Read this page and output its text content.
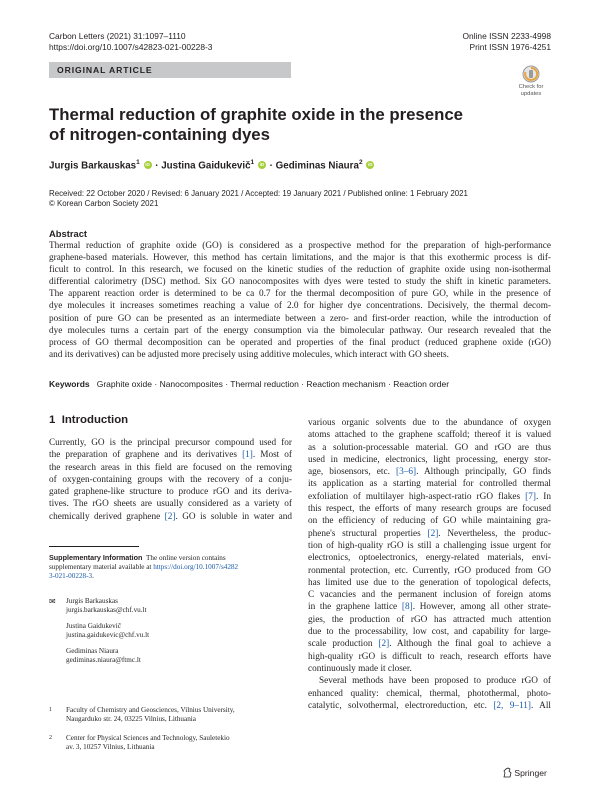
Carbon Letters (2021) 31:1097–1110
https://doi.org/10.1007/s42823-021-00228-3
Online ISSN 2233-4998
Print ISSN 1976-4251
ORIGINAL ARTICLE
Check for
updates
Thermal reduction of graphite oxide in the presence
of nitrogen-containing dyes
Jurgis Barkauskas$^1$ iD · Justina Gaidukevič$^1$ iD · Gediminas Niaura$^2$ iD
Received: 22 October 2020 / Revised: 6 January 2021 / Accepted: 19 January 2021 / Published online: 1 February 2021
© Korean Carbon Society 2021
Abstract
Thermal reduction of graphite oxide (GO) is considered as a prospective method for the preparation of high-performance
graphene-based materials. However, this method has certain limitations, and the major is that this exothermic process is dif-
ficult to control. In this research, we focused on the kinetic studies of the reduction of graphite oxide using non-isothermal
differential calorimetry (DSC) method. Six GO nanocomposites with dyes were tested to study the shift in kinetic parameters.
The apparent reaction order is determined to be ca 0.7 for the thermal decomposition of pure GO, while in the presence of
dye molecules it increases sometimes reaching a value of 2.0 for higher dye concentrations. Decisively, the thermal decom-
position of pure GO can be presented as an intermediate between a zero- and first-order reaction, while the introduction of
dye molecules turns a certain part of the energy consumption via the bimolecular pathway. Our research revealed that the
process of GO thermal decomposition can be operated and properties of the final product (reduced graphene oxide (rGO)
and its derivatives) can be adjusted more precisely using additive molecules, which interact with GO sheets.
Keywords   Graphite oxide · Nanocomposites · Thermal reduction · Reaction mechanism · Reaction order
1 Introduction
Currently, GO is the principal precursor compound used for
the preparation of graphene and its derivatives [1]. Most of
the research areas in this field are focused on the removing
of oxygen-containing groups with the recovery of a conju-
gated graphene-like structure to produce rGO and its deriva-
tives. The rGO sheets are usually considered as a variety of
chemically derived graphene [2]. GO is soluble in water and
various organic solvents due to the abundance of oxygen
atoms attached to the graphene scaffold; thereof it is valued
as a solution-processable material. GO and rGO are thus
used in medicine, electronics, light processing, energy stor-
age, biosensors, etc. [3–6]. Although principally, GO finds
its application as a starting material for controlled thermal
exfoliation of multilayer high-aspect-ratio rGO flakes [7]. In
this respect, the efforts of many research groups are focused
on the efficiency of reducing of GO while maintaining gra-
phene's structural properties [2]. Nevertheless, the produc-
tion of high-quality rGO is still a challenging issue urgent for
electronics, optoelectronics, energy-related materials, envi-
ronmental protection, etc. Currently, rGO produced from GO
has limited use due to the generation of topological defects,
C vacancies and the permanent inclusion of foreign atoms
in the graphene lattice [8]. However, among all other strate-
gies, the production of rGO has attracted much attention
due to the processability, low cost, and capability for large-
scale production [2]. Although the final goal to achieve a
high-quality rGO is difficult to reach, research efforts have
continuously made it closer.
Several methods have been proposed to produce rGO of
enhanced quality: chemical, thermal, photothermal, photo-
catalytic, solvothermal, electroreduction, etc. [2, 9–11]. All
Supplementary Information The online version contains
supplementary material available at https://doi.org/10.1007/s4282
3-021-00228-3.
✉	Jurgis Barkauskas
jurgis.barkauskas@chf.vu.lt
Justina Gaidukevič
justina.gaidukevic@chf.vu.lt
Gediminas Niaura
gediminas.niaura@ftmc.lt
1 Faculty of Chemistry and Geosciences, Vilnius University,
Naugarduko str. 24, 03225 Vilnius, Lithuania
2 Center for Physical Sciences and Technology, Sauletekio
av. 3, 10257 Vilnius, Lithuania
Springer
